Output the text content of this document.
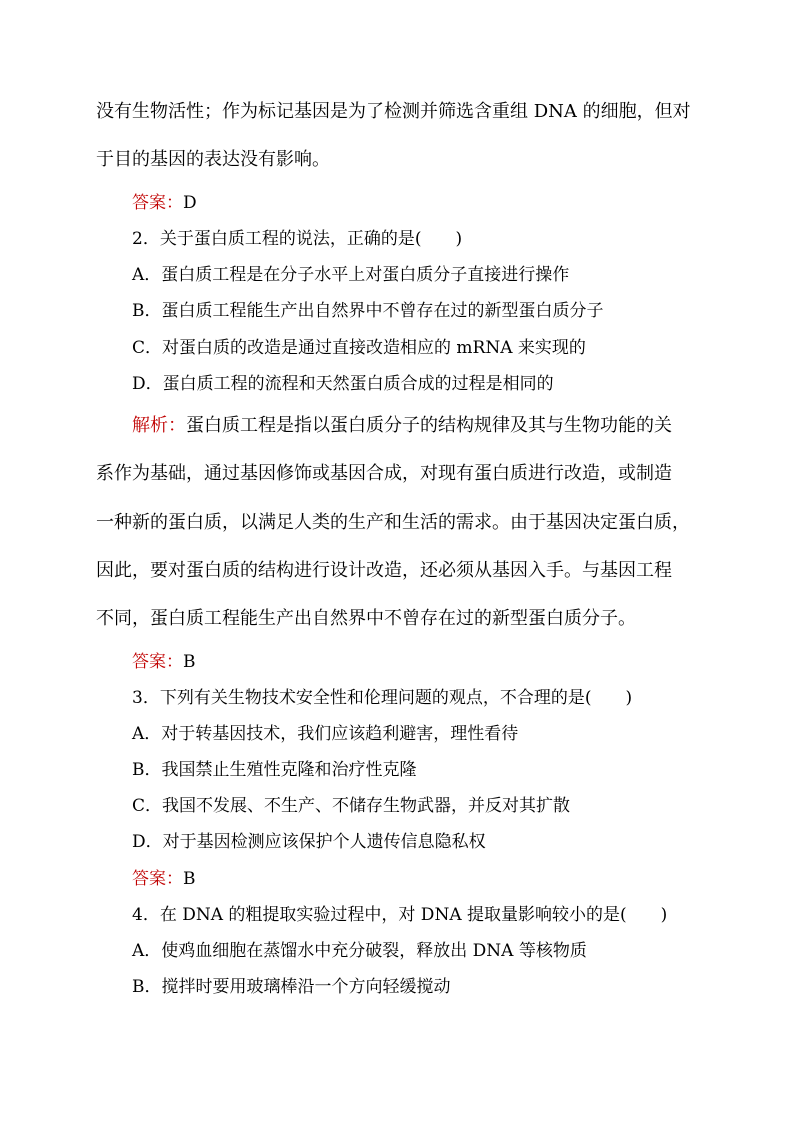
没有生物活性；作为标记基因是为了检测并筛选含重组 DNA 的细胞，但对
于目的基因的表达没有影响。
答案：D
2．关于蛋白质工程的说法，正确的是(　　)
A．蛋白质工程是在分子水平上对蛋白质分子直接进行操作
B．蛋白质工程能生产出自然界中不曾存在过的新型蛋白质分子
C．对蛋白质的改造是通过直接改造相应的 mRNA 来实现的
D．蛋白质工程的流程和天然蛋白质合成的过程是相同的
解析：蛋白质工程是指以蛋白质分子的结构规律及其与生物功能的关
系作为基础，通过基因修饰或基因合成，对现有蛋白质进行改造，或制造
一种新的蛋白质，以满足人类的生产和生活的需求。由于基因决定蛋白质，
因此，要对蛋白质的结构进行设计改造，还必须从基因入手。与基因工程
不同，蛋白质工程能生产出自然界中不曾存在过的新型蛋白质分子。
答案：B
3．下列有关生物技术安全性和伦理问题的观点，不合理的是(　　)
A．对于转基因技术，我们应该趋利避害，理性看待
B．我国禁止生殖性克隆和治疗性克隆
C．我国不发展、不生产、不储存生物武器，并反对其扩散
D．对于基因检测应该保护个人遗传信息隐私权
答案：B
4．在 DNA 的粗提取实验过程中，对 DNA 提取量影响较小的是(　　)
A．使鸡血细胞在蒸馏水中充分破裂，释放出 DNA 等核物质
B．搅拌时要用玻璃棒沿一个方向轻缓搅动
